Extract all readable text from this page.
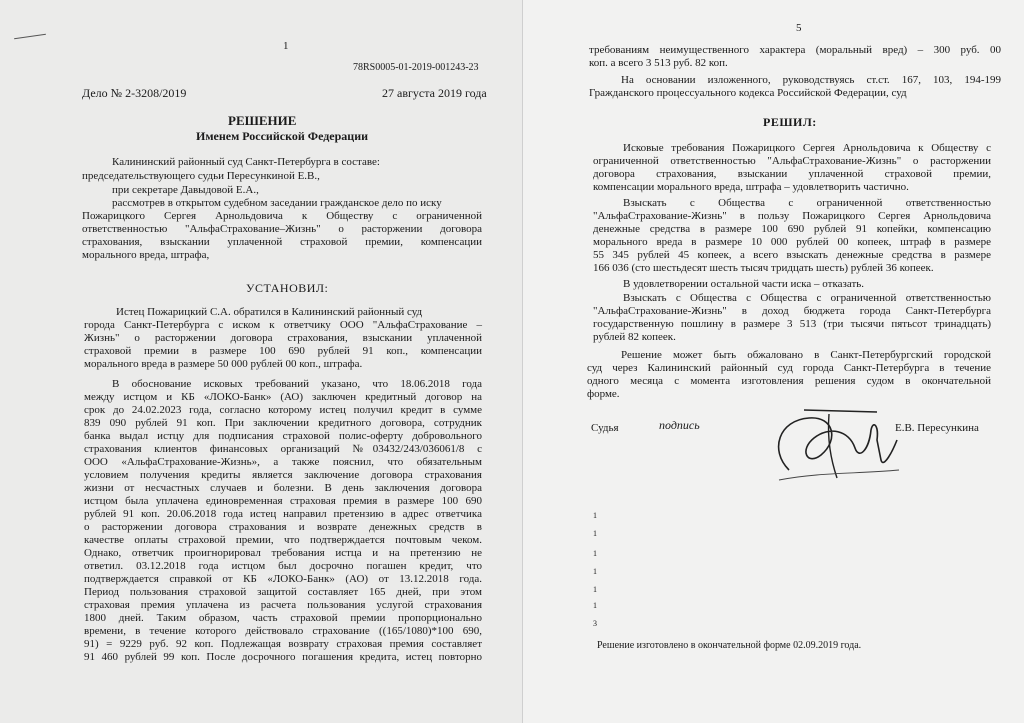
1
78RS0005-01-2019-001243-23
Дело № 2-3208/2019	27 августа 2019 года
РЕШЕНИЕ
Именем Российской Федерации
Калининский районный суд Санкт-Петербурга в составе:
председательствующего судьи Пересункиной Е.В.,
при секретаре Давыдовой Е.А.,
рассмотрев в открытом судебном заседании гражданское дело по иску
Пожарицкого Сергея Арнольдовича к Обществу с ограниченной
ответственностью "АльфаСтрахование–Жизнь" о расторжении договора
страхования, взыскании уплаченной страховой премии, компенсации
морального вреда, штрафа,
УСТАНОВИЛ:
Истец Пожарицкий С.А. обратился в Калининский районный суд
города Санкт-Петербурга с иском к ответчику ООО "АльфаСтрахование –
Жизнь" о расторжении договора страхования, взыскании уплаченной
страховой премии в размере 100 690 рублей 91 коп., компенсации
морального вреда в размере 50 000 рублей 00 коп., штрафа.
В обоснование исковых требований указано, что 18.06.2018 года
между истцом и КБ «ЛОКО-Банк» (АО) заключен кредитный договор на
срок до 24.02.2023 года, согласно которому истец получил кредит в сумме
839 090 рублей 91 коп. При заключении кредитного договора, сотрудник
банка выдал истцу для подписания страховой полис-оферту добровольного
страхования клиентов финансовых организаций №03432/243/036061/8 с
ООО «АльфаСтрахование-Жизнь», а также пояснил, что обязательным
условием получения кредиты является заключение договора страхования
жизни от несчастных случаев и болезни. В день заключения договора
истцом была уплачена единовременная страховая премия в размере 100 690
рублей 91 коп. 20.06.2018 года истец направил претензию в адрес ответчика
о расторжении договора страхования и возврате денежных средств в
качестве оплаты страховой премии, что подтверждается почтовым чеком.
Однако, ответчик проигнорировал требования истца и на претензию не
ответил. 03.12.2018 года истцом был досрочно погашен кредит, что
подтверждается справкой от КБ «ЛОКО-Банк» (АО) от 13.12.2018 года.
Период пользования страховой защитой составляет 165 дней, при этом
страховая премия уплачена из расчета пользования услугой страхования
1800 дней. Таким образом, часть страховой премии пропорционально
времени, в течение которого действовало страхование ((165/1080)*100 690,
91) = 9229 руб. 92 коп. Подлежащая возврату страховая премия составляет
91 460 рублей 99 коп. После досрочного погашения кредита, истец повторно
5
требованиям неимущественного характера (моральный вред) – 300 руб. 00
коп. а всего 3 513 руб. 82 коп.
На основании изложенного, руководствуясь ст.ст. 167, 103, 194-199
Гражданского процессуального кодекса Российской Федерации, суд
РЕШИЛ:
Исковые требования Пожарицкого Сергея Арнольдовича к Обществу с
ограниченной ответственностью "АльфаСтрахование-Жизнь" о расторжении
договора страхования, взыскании уплаченной страховой премии,
компенсации морального вреда, штрафа – удовлетворить частично.
Взыскать с Общества с ограниченной ответственностью
"АльфаСтрахование-Жизнь" в пользу Пожарицкого Сергея Арнольдовича
денежные средства в размере 100 690 рублей 91 копейки, компенсацию
морального вреда в размере 10 000 рублей 00 копеек, штраф в размере
55 345 рублей 45 копеек, а всего взыскать денежные средства в размере
166 036 (сто шестьдесят шесть тысяч тридцать шесть) рублей 36 копеек.
В удовлетворении остальной части иска – отказать.
Взыскать с Общества с Общества с ограниченной ответственностью
"АльфаСтрахование-Жизнь" в доход бюджета города Санкт-Петербурга
государственную пошлину в размере 3 513 (три тысячи пятьсот тринадцать)
рублей 82 копеек.
Решение может быть обжаловано в Санкт-Петербургский городской
суд через Калининский районный суд города Санкт-Петербурга в течение
одного месяца с момента изготовления решения судом в окончательной
форме.
Судья	подпись	Е.В. Пересункина
1
1
1
1
1
1
3
Решение изготовлено в окончательной форме 02.09.2019 года.
